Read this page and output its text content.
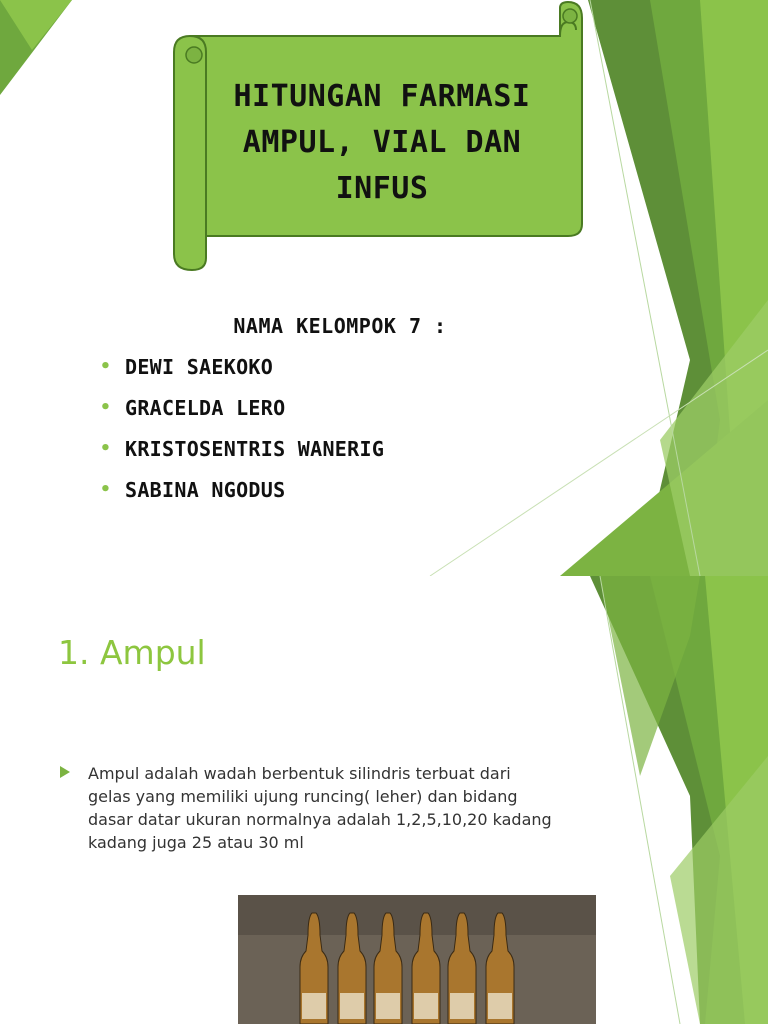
HITUNGAN FARMASI AMPUL, VIAL DAN INFUS
NAMA KELOMPOK 7 :
• DEWI SAEKOKO
• GRACELDA LERO
• KRISTOSENTRIS WANERIG
• SABINA NGODUS
1. Ampul

Ampul adalah wadah berbentuk silindris terbuat dari gelas yang memiliki ujung runcing( leher) dan bidang dasar datar ukuran normalnya adalah 1,2,5,10,20 kadang kadang juga 25 atau 30 ml
